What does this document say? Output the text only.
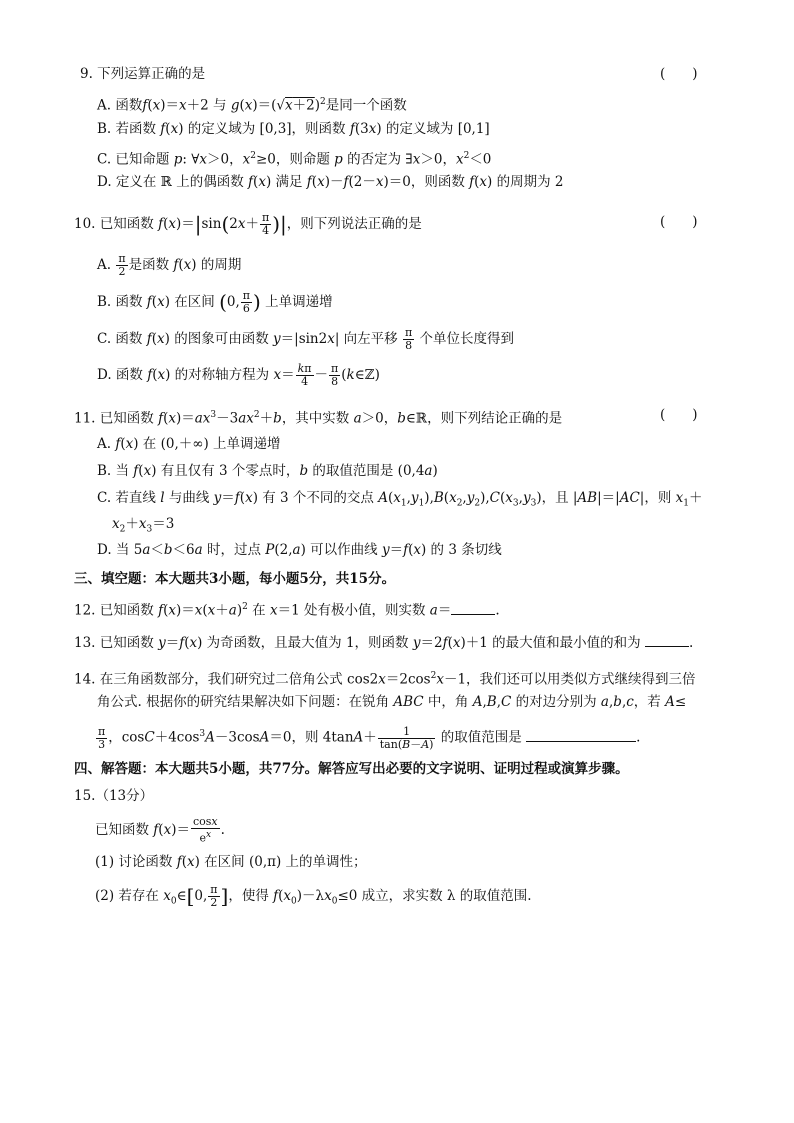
9. 下列运算正确的是	(　　)
A. 函数f(x)＝x＋2 与 $g(x)=(√x+2)^2$是同一个函数
B. 若函数 f(x) 的定义域为 [0,3]，则函数 f(3x) 的定义域为 [0,1]
C. 已知命题 p: ∀x＞0，$x^2\ge 0$，则命题 p 的否定为 ∃x＞0，$x^2<0$
D. 定义在 ℝ 上的偶函数 f(x) 满足 f(x)－f(2－x)＝0，则函数 f(x) 的周期为 2
10. 已知函数 $f(x)=|\sin(2x+ \frac{\pi}{4}$ )|，则下列说法正确的是	(　　)
A. $\frac{\pi}{2}$ 是函数 f(x) 的周期
B. 函数 f(x) 在区间 (0, $\frac{\pi}{6}$ ) 上单调递增
C. 函数 f(x) 的图象可由函数 y＝|sin2x| 向左平移 $\frac{\pi}{8}$ 个单位长度得到
D. 函数 f(x) 的对称轴方程为 $x= \frac{k\pi}{4} - \frac{\pi}{8}$ (k∈ℤ)
11. 已知函数 $f(x)=ax^3-3ax^2+b$，其中实数 a＞0，b∈ℝ，则下列结论正确的是	(　　)
A. f(x) 在 (0,＋∞) 上单调递增
B. 当 f(x) 有且仅有 3 个零点时，b 的取值范围是 (0,4a)
C. 若直线 l 与曲线 y＝f(x) 有 3 个不同的交点 $A(x_1,y_1),B(x_2,y_2),C(x_3,y_3)$，且 |AB|＝|AC|，则 $x_1+$
$x_2+x_3=3$
D. 当 5a＜b＜6a 时，过点 P(2,a) 可以作曲线 y＝f(x) 的 3 条切线
三、填空题：本大题共3小题，每小题5分，共15分。
12. 已知函数 $f(x)=x(x+a)^2$ 在 x＝1 处有极小值，则实数 a＝	.
13. 已知函数 y＝f(x) 为奇函数，且最大值为 1，则函数 y＝2f(x)＋1 的最大值和最小值的和为	.
14. 在三角函数部分，我们研究过二倍角公式 $\cos 2x=2\cos^2x-1$，我们还可以用类似方式继续得到三倍
角公式. 根据你的研究结果解决如下问题：在锐角 ABC 中，角 A,B,C 的对边分别为 a,b,c，若 A≤
$\frac{\pi}{3}$ ，$\cos C+4\cos^3A-3\cos A=0$，则 $4\tan A+ \frac{1}{\tan(B-A)}$ 的取值范围是	.
四、解答题：本大题共5小题，共77分。解答应写出必要的文字说明、证明过程或演算步骤。
15.（13分）
已知函数 $f(x)= \frac{\cos x}{e^x}$ .
(1) 讨论函数 f(x) 在区间 (0,π) 上的单调性；
(2) 若存在 $x_0\in[0$, $\frac{\pi}{2}$ ]，使得 $f(x_0)-\lambda x_0\le 0$ 成立，求实数 λ 的取值范围.
